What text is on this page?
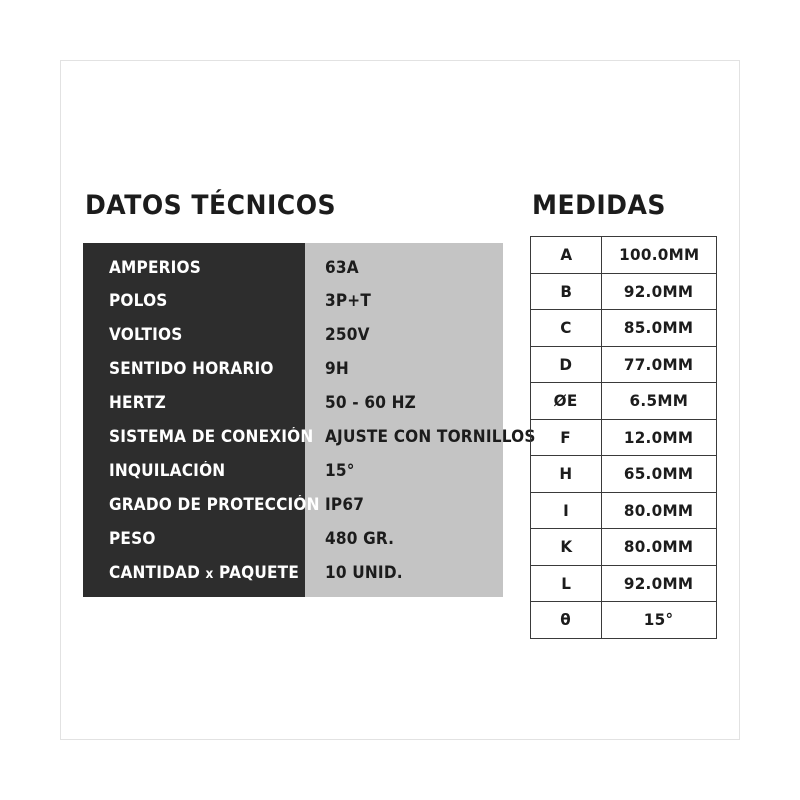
DATOS TÉCNICOS
AMPERIOS	63A
POLOS	3P+T
VOLTIOS	250V
SENTIDO HORARIO	9H
HERTZ	50 - 60 HZ
SISTEMA DE CONEXIÓN	AJUSTE CON TORNILLOS
INQUILACIÓN	15°
GRADO DE PROTECCIÓN	IP67
PESO	480 GR.
CANTIDAD x PAQUETE	10 UNID.
MEDIDAS
A	100.0MM
B	92.0MM
C	85.0MM
D	77.0MM
ØE	6.5MM
F	12.0MM
H	65.0MM
I	80.0MM
K	80.0MM
L	92.0MM
θ	15°
